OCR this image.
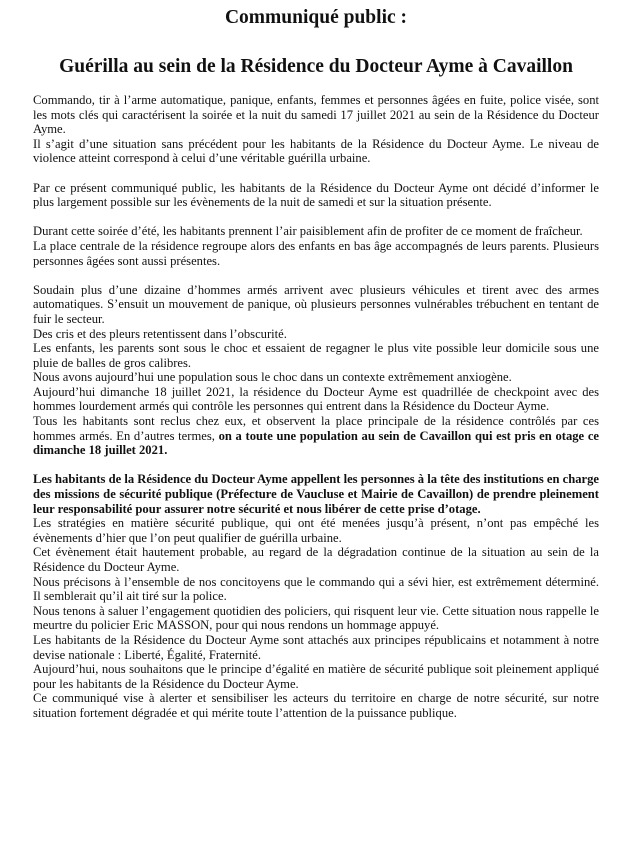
Communiqué public :
Guérilla au sein de la Résidence du Docteur Ayme à Cavaillon

Commando, tir à l’arme automatique, panique, enfants, femmes et personnes âgées en fuite, police visée, sont les mots clés qui caractérisent la soirée et la nuit du samedi 17 juillet 2021 au sein de la Résidence du Docteur Ayme.

Il s’agit d’une situation sans précédent pour les habitants de la Résidence du Docteur Ayme. Le niveau de violence atteint correspond à celui d’une véritable guérilla urbaine.

Par ce présent communiqué public, les habitants de la Résidence du Docteur Ayme ont décidé d’informer le plus largement possible sur les évènements de la nuit de samedi et sur la situation présente.

Durant cette soirée d’été, les habitants prennent l’air paisiblement afin de profiter de ce moment de fraîcheur.

La place centrale de la résidence regroupe alors des enfants en bas âge accompagnés de leurs parents. Plusieurs personnes âgées sont aussi présentes.

Soudain plus d’une dizaine d’hommes armés arrivent avec plusieurs véhicules et tirent avec des armes automatiques. S’ensuit un mouvement de panique, où plusieurs personnes vulnérables trébuchent en tentant de fuir le secteur.

Des cris et des pleurs retentissent dans l’obscurité.

Les enfants, les parents sont sous le choc et essaient de regagner le plus vite possible leur domicile sous une pluie de balles de gros calibres.

Nous avons aujourd’hui une population sous le choc dans un contexte extrêmement anxiogène.

Aujourd’hui dimanche 18 juillet 2021, la résidence du Docteur Ayme est quadrillée de checkpoint avec des hommes lourdement armés qui contrôle les personnes qui entrent dans la Résidence du Docteur Ayme.

Tous les habitants sont reclus chez eux, et observent la place principale de la résidence contrôlés par ces hommes armés. En d’autres termes, on a toute une population au sein de Cavaillon qui est pris en otage ce dimanche 18 juillet 2021.

Les habitants de la Résidence du Docteur Ayme appellent les personnes à la tête des institutions en charge des missions de sécurité publique (Préfecture de Vaucluse et Mairie de Cavaillon) de prendre pleinement leur responsabilité pour assurer notre sécurité et nous libérer de cette prise d’otage.

Les stratégies en matière sécurité publique, qui ont été menées jusqu’à présent, n’ont pas empêché les évènements d’hier que l’on peut qualifier de guérilla urbaine.

Cet évènement était hautement probable, au regard de la dégradation continue de la situation au sein de la Résidence du Docteur Ayme.

Nous précisons à l’ensemble de nos concitoyens que le commando qui a sévi hier, est extrêmement déterminé. Il semblerait qu’il ait tiré sur la police.

Nous tenons à saluer l’engagement quotidien des policiers, qui risquent leur vie. Cette situation nous rappelle le meurtre du policier Eric MASSON, pour qui nous rendons un hommage appuyé.

Les habitants de la Résidence du Docteur Ayme sont attachés aux principes républicains et notamment à notre devise nationale : Liberté, Égalité, Fraternité.

Aujourd’hui, nous souhaitons que le principe d’égalité en matière de sécurité publique soit pleinement appliqué pour les habitants de la Résidence du Docteur Ayme.

Ce communiqué vise à alerter et sensibiliser les acteurs du territoire en charge de notre sécurité, sur notre situation fortement dégradée et qui mérite toute l’attention de la puissance publique.
